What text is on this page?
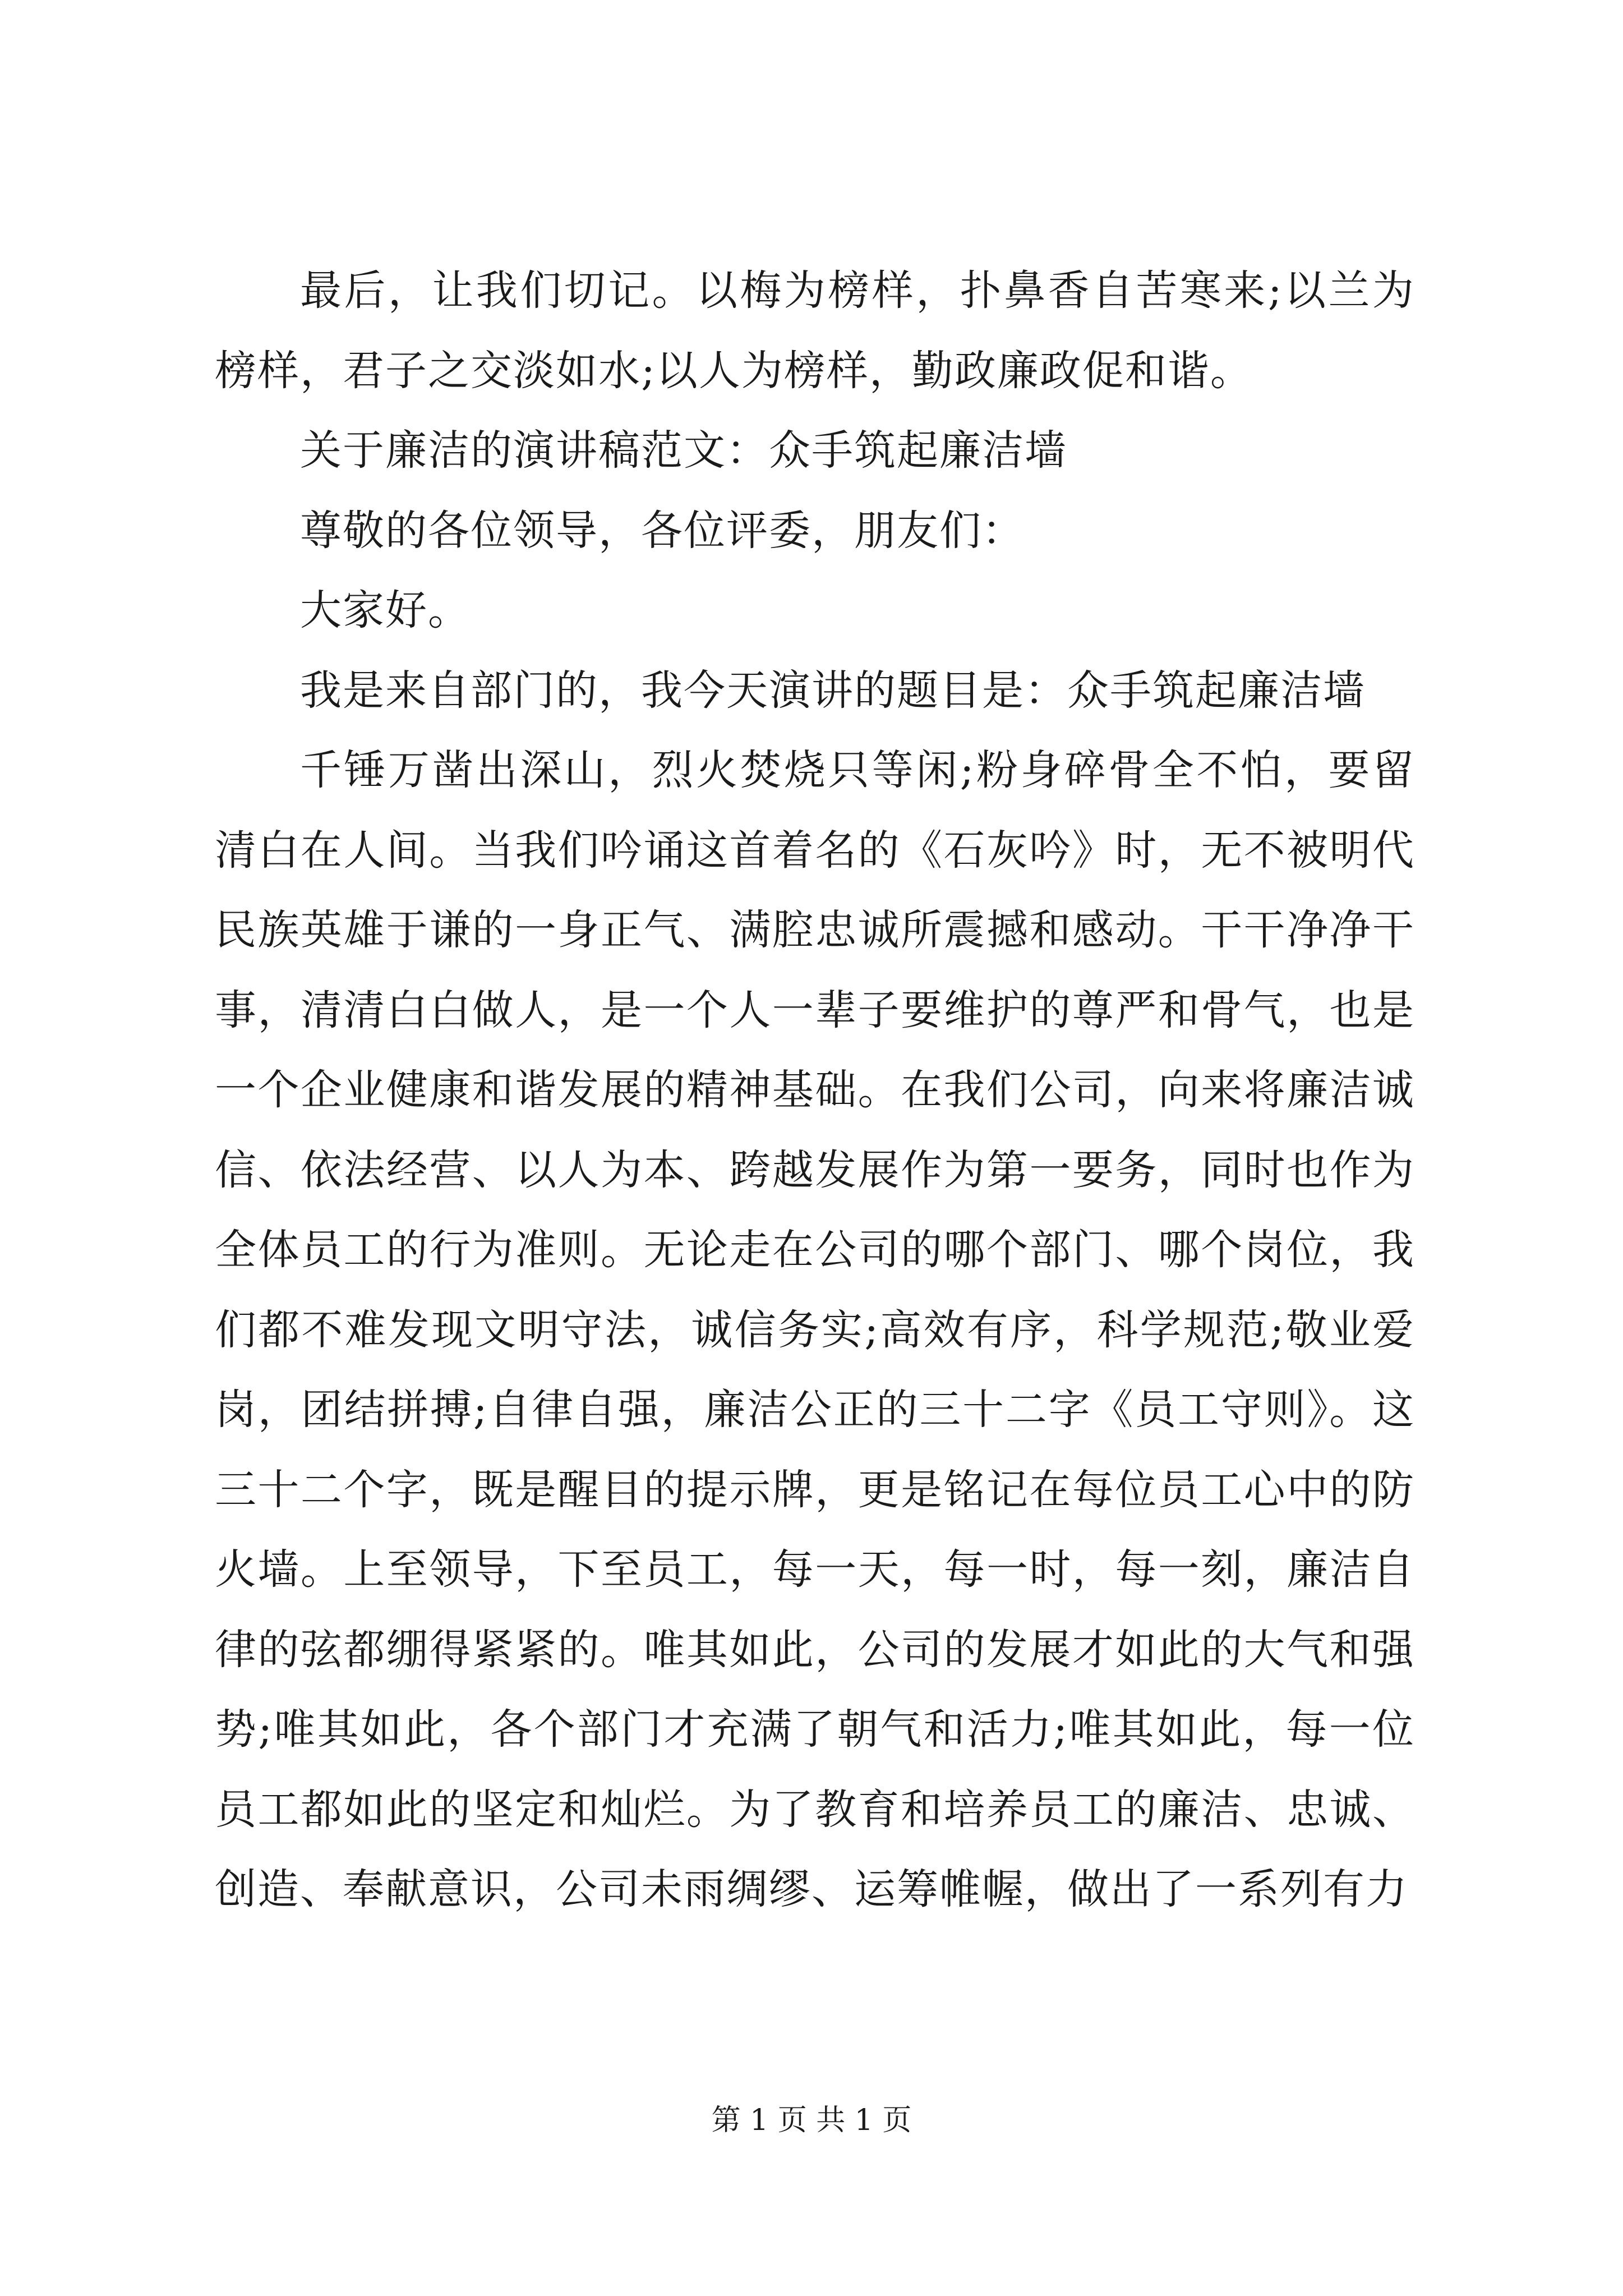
最后，让我们切记。以梅为榜样，扑鼻香自苦寒来;以兰为榜样，君子之交淡如水;以人为榜样，勤政廉政促和谐。

关于廉洁的演讲稿范文：众手筑起廉洁墙

尊敬的各位领导，各位评委，朋友们：

大家好。

我是来自部门的，我今天演讲的题目是：众手筑起廉洁墙

千锤万凿出深山，烈火焚烧只等闲;粉身碎骨全不怕，要留清白在人间。当我们吟诵这首着名的《石灰吟》时，无不被明代民族英雄于谦的一身正气、满腔忠诚所震撼和感动。干干净净干事，清清白白做人，是一个人一辈子要维护的尊严和骨气，也是一个企业健康和谐发展的精神基础。在我们公司，向来将廉洁诚信、依法经营、以人为本、跨越发展作为第一要务，同时也作为全体员工的行为准则。无论走在公司的哪个部门、哪个岗位，我们都不难发现文明守法，诚信务实;高效有序，科学规范;敬业爱岗，团结拼搏;自律自强，廉洁公正的三十二字《员工守则》。这三十二个字，既是醒目的提示牌，更是铭记在每位员工心中的防火墙。上至领导，下至员工，每一天，每一时，每一刻，廉洁自律的弦都绷得紧紧的。唯其如此，公司的发展才如此的大气和强势;唯其如此，各个部门才充满了朝气和活力;唯其如此，每一位员工都如此的坚定和灿烂。为了教育和培养员工的廉洁、忠诚、创造、奉献意识，公司未雨绸缪、运筹帷幄，做出了一系列有力

第 1 页 共 1 页
